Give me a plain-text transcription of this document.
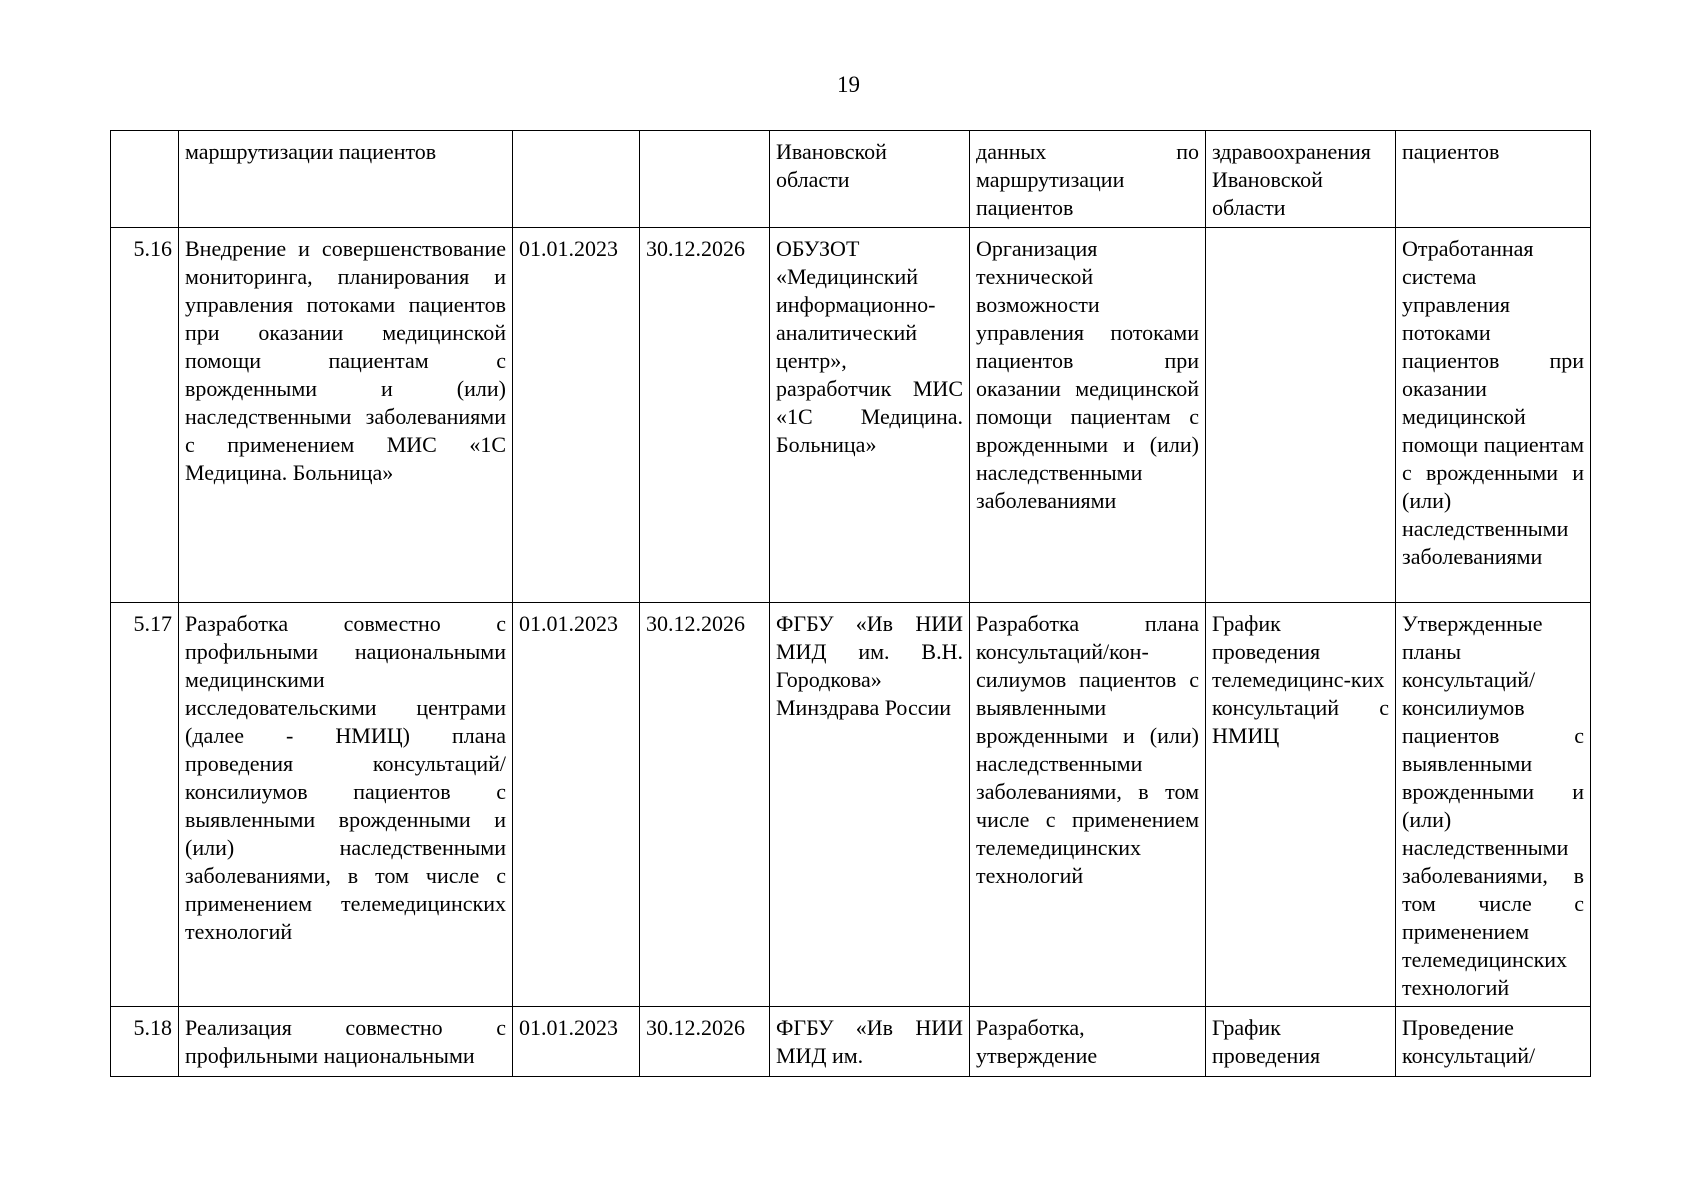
19
	маршрутизации пациентов			Ивановской области	данных по маршрутизации пациентов	здравоохранения Ивановской области	пациентов
5.16	Внедрение и совершенствование мониторинга, планирования и управления потоками пациентов при оказании медицинской помощи пациентам с врожденными и (или) наследственными заболеваниями с применением МИС «1С Медицина. Больница»	01.01.2023	30.12.2026	ОБУЗОТ «Медицинский информационно-аналитический центр», разработчик МИС «1С Медицина. Больница»	Организация технической возможности управления потоками пациентов при оказании медицинской помощи пациентам с врожденными и (или) наследственными заболеваниями		Отработанная система управления потоками пациентов при оказании медицинской помощи пациентам с врожденными и (или) наследственными заболеваниями
5.17	Разработка совместно с профильными национальными медицинскими исследовательскими центрами (далее - НМИЦ) плана проведения консультаций/консилиумов пациентов с выявленными врожденными и (или) наследственными заболеваниями, в том числе с применением телемедицинских технологий	01.01.2023	30.12.2026	ФГБУ «Ив НИИ МИД им. В.Н. Городкова» Минздрава России	Разработка плана консультаций/кон-силиумов пациентов с выявленными врожденными и (или) наследственными заболеваниями, в том числе с применением телемедицинских технологий	График проведения телемедицинс-ких консультаций с НМИЦ	Утвержденные планы консультаций/ консилиумов пациентов с выявленными врожденными и (или) наследственными заболеваниями, в том числе с применением телемедицинских технологий
5.18	Реализация совместно с профильными национальными	01.01.2023	30.12.2026	ФГБУ «Ив НИИ МИД им.	Разработка, утверждение	График проведения	Проведение консультаций/
